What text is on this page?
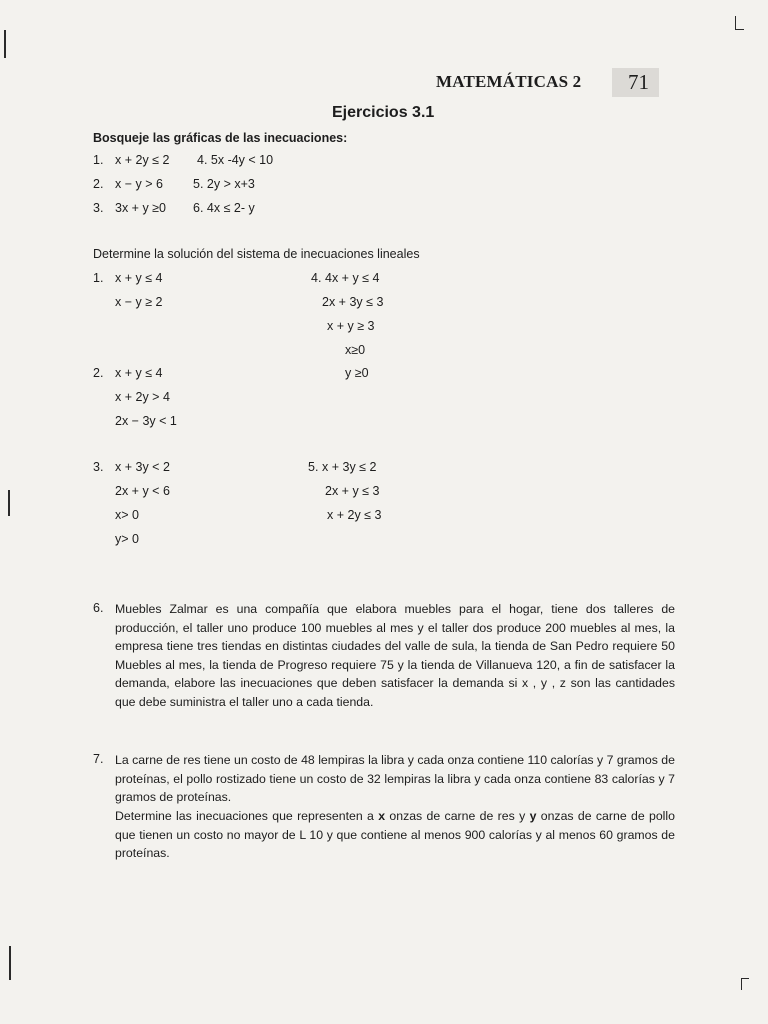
MATEMÁTICAS 2	71
Ejercicios 3.1
Bosqueje las gráficas de las inecuaciones:
1. x + 2y ≤ 2
2. x − y > 6
3. 3x + y ≥0
4. 5x -4y < 10
5. 2y > x+3
6. 4x ≤ 2- y
Determine la solución del sistema de inecuaciones lineales
1. x + y ≤ 4
x − y ≥ 2
4. 4x + y ≤ 4
2x + 3y ≤ 3
x + y ≥ 3
x≥0
y ≥0
2. x + y ≤ 4
x + 2y > 4
2x − 3y < 1
3. x + 3y < 2
2x + y < 6
x> 0
y> 0
5. x + 3y ≤ 2
2x + y ≤ 3
x + 2y ≤ 3
6. Muebles Zalmar es una compañía que elabora muebles para el hogar, tiene dos talleres de producción, el taller uno produce 100 muebles al mes y el taller dos produce 200 muebles al mes, la empresa tiene tres tiendas en distintas ciudades del valle de sula, la tienda de San Pedro requiere 50 Muebles al mes, la tienda de Progreso requiere 75 y la tienda de Villanueva 120, a fin de satisfacer la demanda, elabore las inecuaciones que deben satisfacer la demanda si x , y , z son las cantidades que debe suministra el taller uno a cada tienda.
7. La carne de res tiene un costo de 48 lempiras la libra y cada onza contiene 110 calorías y 7 gramos de proteínas, el pollo rostizado tiene un costo de 32 lempiras la libra y cada onza contiene 83 calorías y 7 gramos de proteínas.
Determine las inecuaciones que representen a x onzas de carne de res y y onzas de carne de pollo que tienen un costo no mayor de L 10 y que contiene al menos 900 calorías y al menos 60 gramos de proteínas.
